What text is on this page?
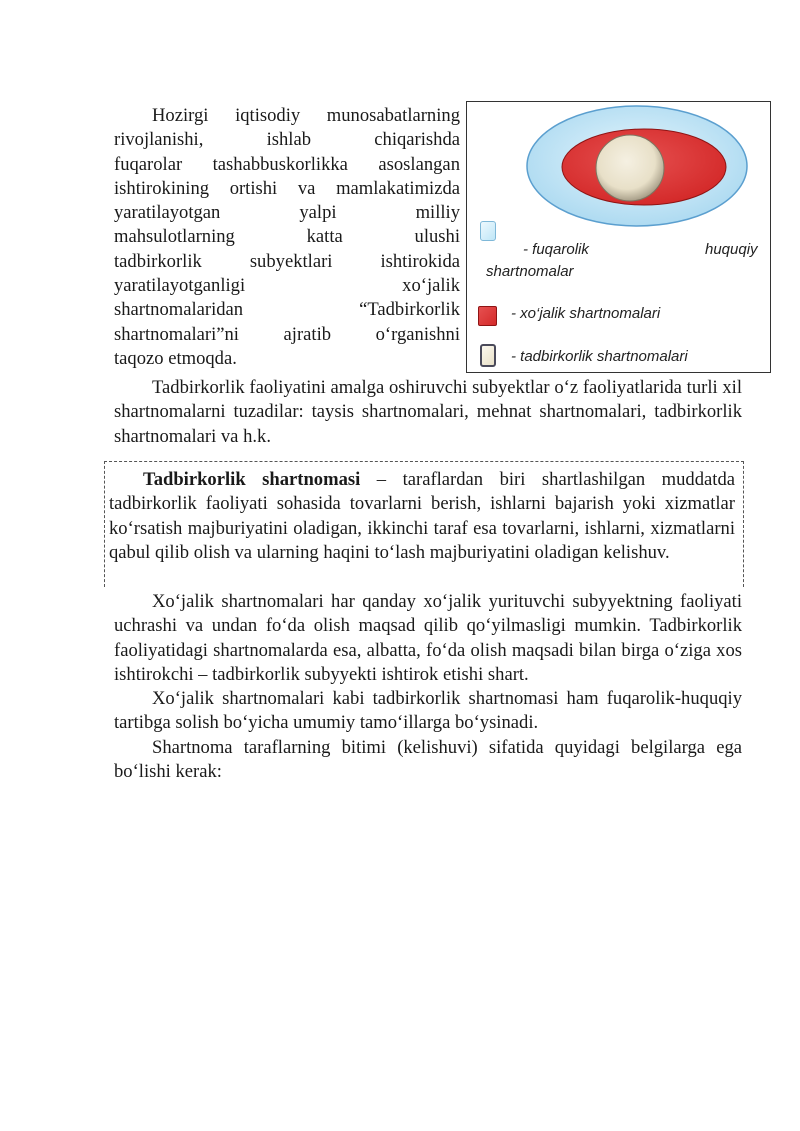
Hozirgi iqtisodiy munosabatlarning
rivojlanishi, ishlab chiqarishda
fuqarolar tashabbuskorlikka asoslangan
ishtirokining ortishi va mamlakatimizda
yaratilayotgan yalpi milliy
mahsulotlarning katta ulushi
tadbirkorlik subyektlari ishtirokida
yaratilayotganligi xo‘jalik
shartnomalaridan “Tadbirkorlik
shartnomalari”ni ajratib o‘rganishni
taqozo etmoqda.
- fuqarolik	huquqiy
shartnomalar
- xo‘jalik shartnomalari
- tadbirkorlik shartnomalari

Tadbirkorlik faoliyatini amalga oshiruvchi subyektlar o‘z faoliyatlarida turli xil shartnomalarni tuzadilar: taysis shartnomalari, mehnat shartnomalari, tadbirkorlik shartnomalari va h.k.

Tadbirkorlik shartnomasi – taraflardan biri shartlashilgan muddatda tadbirkorlik faoliyati sohasida tovarlarni berish, ishlarni bajarish yoki xizmatlar ko‘rsatish majburiyatini oladigan, ikkinchi taraf esa tovarlarni, ishlarni, xizmatlarni qabul qilib olish va ularning haqini to‘lash majburiyatini oladigan kelishuv.

Xo‘jalik shartnomalari har qanday xo‘jalik yurituvchi subyyektning faoliyati uchrashi va undan fo‘da olish maqsad qilib qo‘yilmasligi mumkin. Tadbirkorlik faoliyatidagi shartnomalarda esa, albatta, fo‘da olish maqsadi bilan birga o‘ziga xos ishtirokchi – tadbirkorlik subyyekti ishtirok etishi shart.

Xo‘jalik shartnomalari kabi tadbirkorlik shartnomasi ham fuqarolik-huquqiy tartibga solish bo‘yicha umumiy tamo‘illarga bo‘ysinadi.

Shartnoma taraflarning bitimi (kelishuvi) sifatida quyidagi belgilarga ega bo‘lishi kerak:
